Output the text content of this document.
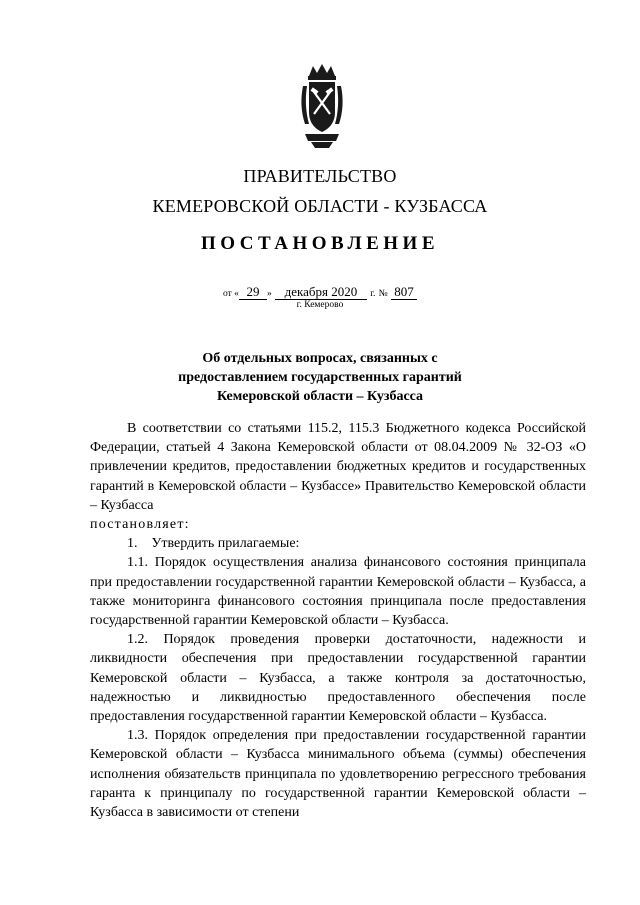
ПРАВИТЕЛЬСТВО
КЕМЕРОВСКОЙ ОБЛАСТИ - КУЗБАССА
ПОСТАНОВЛЕНИЕ
от « 29 » декабря 2020 г. № 807
г. Кемерово
Об отдельных вопросах, связанных с
предоставлением государственных гарантий
Кемеровской области – Кузбасса

В соответствии со статьями 115.2, 115.3 Бюджетного кодекса Российской Федерации, статьей 4 Закона Кемеровской области от 08.04.2009 № 32-ОЗ «О привлечении кредитов, предоставлении бюджетных кредитов и государственных гарантий в Кемеровской области – Кузбассе» Правительство Кемеровской области – Кузбасса

постановляет:

1.    Утвердить прилагаемые:

1.1. Порядок осуществления анализа финансового состояния принципала при предоставлении государственной гарантии Кемеровской области – Кузбасса, а также мониторинга финансового состояния принципала после предоставления государственной гарантии Кемеровской области – Кузбасса.

1.2. Порядок проведения проверки достаточности, надежности и ликвидности обеспечения при предоставлении государственной гарантии Кемеровской области – Кузбасса, а также контроля за достаточностью, надежностью и ликвидностью предоставленного обеспечения после предоставления государственной гарантии Кемеровской области – Кузбасса.

1.3. Порядок определения при предоставлении государственной гарантии Кемеровской области – Кузбасса минимального объема (суммы) обеспечения исполнения обязательств принципала по удовлетворению регрессного требования гаранта к принципалу по государственной гарантии Кемеровской области – Кузбасса в зависимости от степени
